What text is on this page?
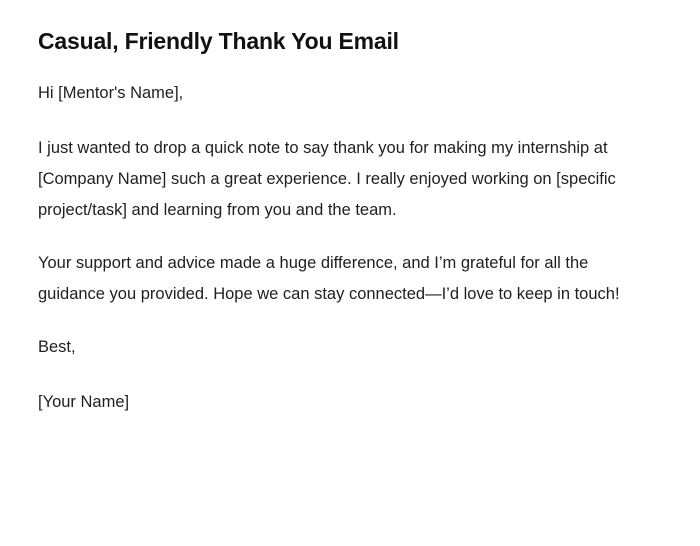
Casual, Friendly Thank You Email

Hi [Mentor's Name],

I just wanted to drop a quick note to say thank you for making my internship at [Company Name] such a great experience. I really enjoyed working on [specific project/task] and learning from you and the team.

Your support and advice made a huge difference, and I’m grateful for all the guidance you provided. Hope we can stay connected—I’d love to keep in touch!

Best,

[Your Name]
